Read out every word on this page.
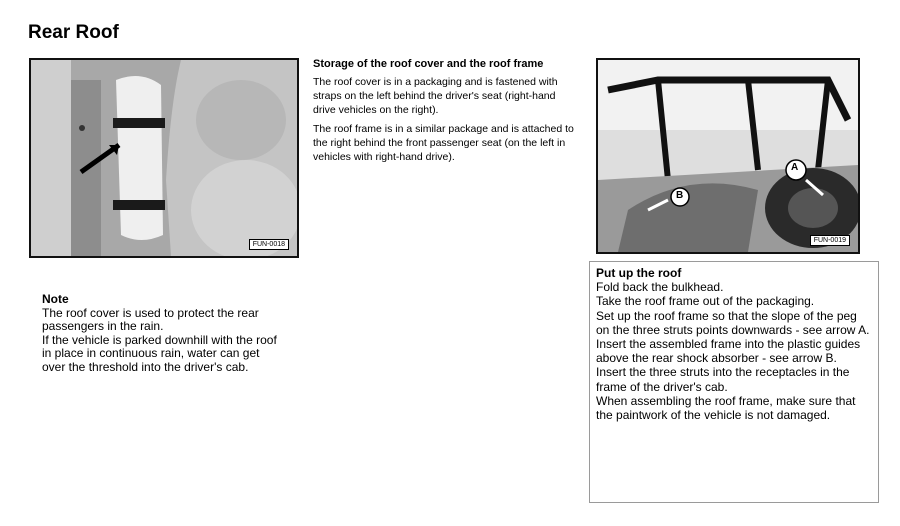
Rear Roof
FUN-0018
Storage of the roof cover and the roof frame

The roof cover is in a packaging and is fastened with straps on the left behind the driver's seat (right-hand drive vehicles on the right).

The roof frame is in a similar package and is attached to the right behind the front passenger seat (on the left in vehicles with right-hand drive).

A
B
FUN-0019
Note

The roof cover is used to protect the rear passengers in the rain.

If the vehicle is parked downhill with the roof in place in continuous rain, water can get over the threshold into the driver's cab.

Put up the roof

Fold back the bulkhead.

Take the roof frame out of the packaging.

Set up the roof frame so that the slope of the peg on the three struts points downwards - see arrow A.

Insert the assembled frame into the plastic guides above the rear shock absorber - see arrow B.

Insert the three struts into the receptacles in the frame of the driver's cab.

When assembling the roof frame, make sure that the paintwork of the vehicle is not damaged.
